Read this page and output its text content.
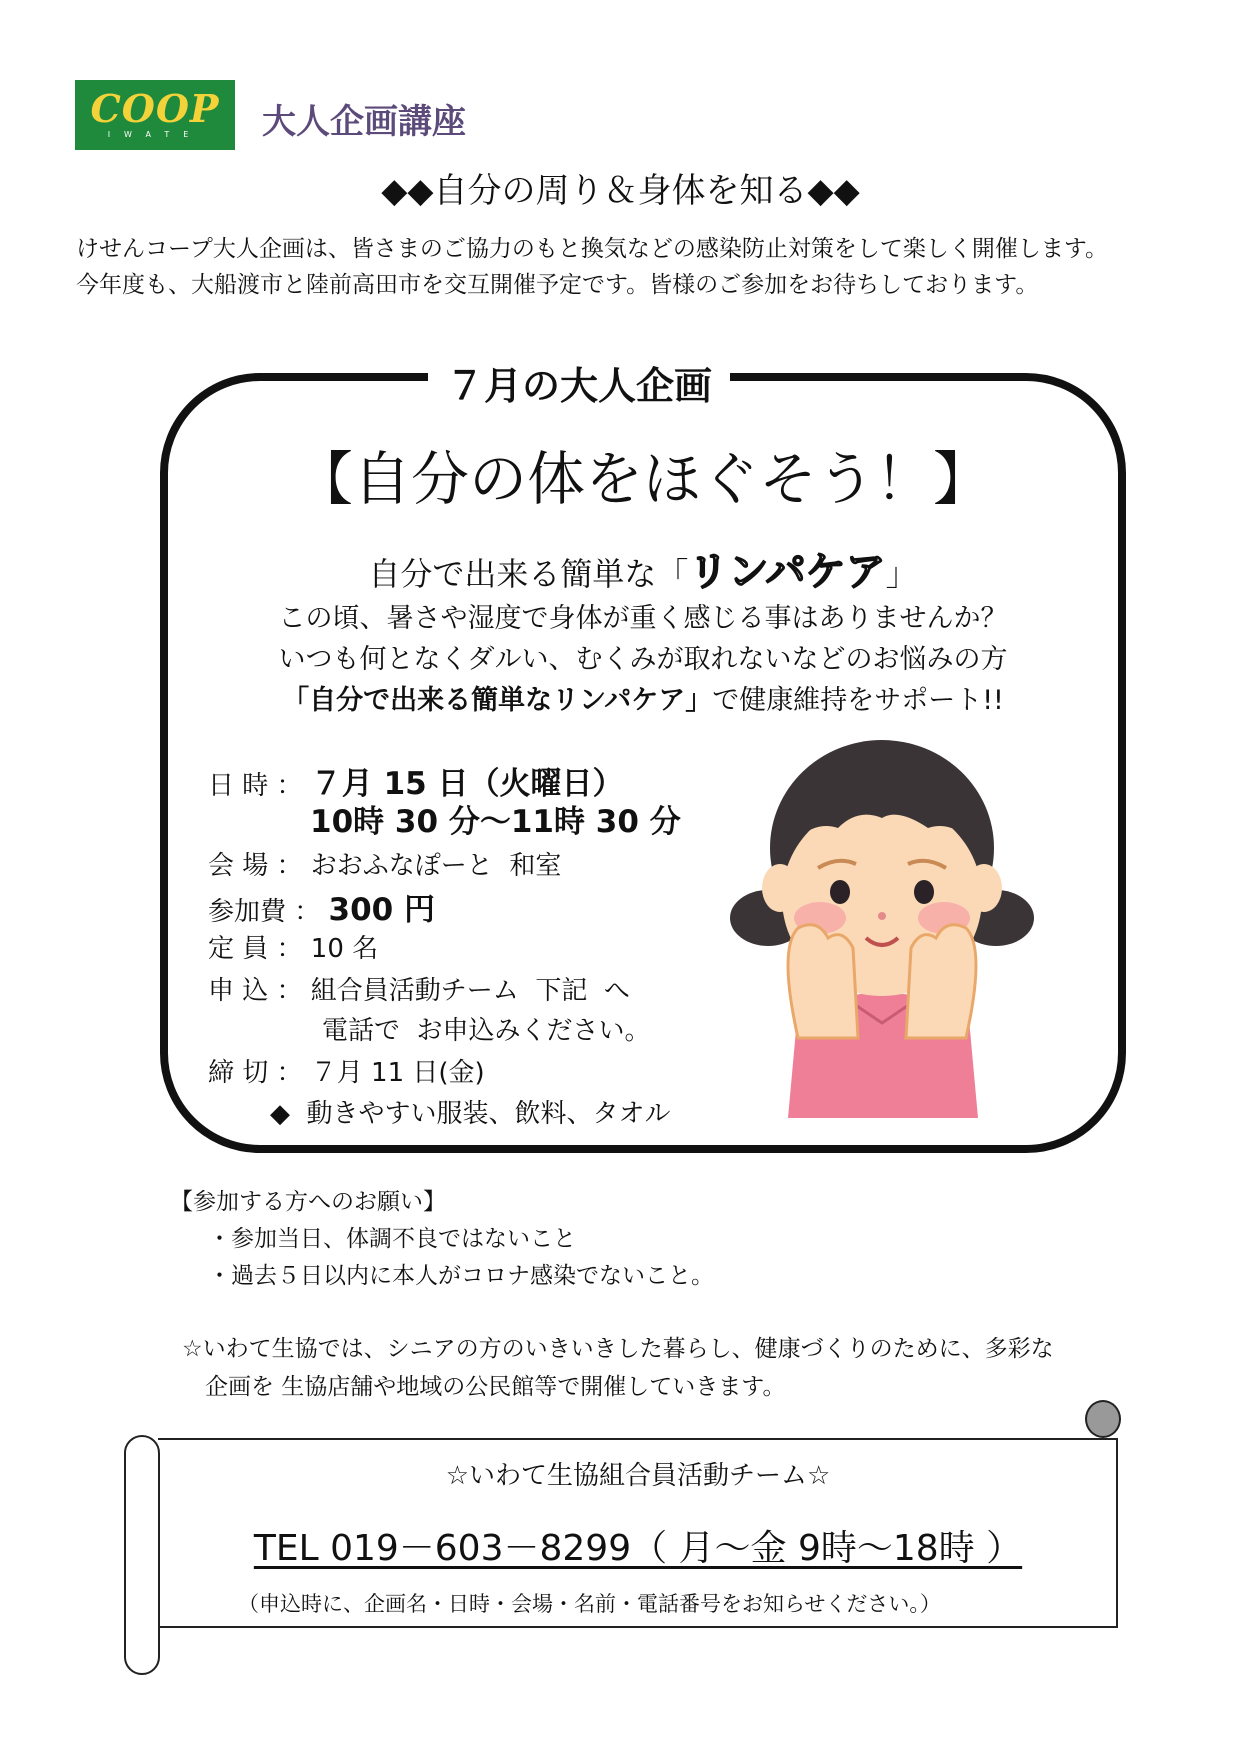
COOP
IWATE	大人企画講座
◆◆自分の周り＆身体を知る◆◆
けせんコープ大人企画は、皆さまのご協力のもと換気などの感染防止対策をして楽しく開催します。
今年度も、大船渡市と陸前高田市を交互開催予定です。皆様のご参加をお待ちしております。
７月の大人企画
【自分の体をほぐそう！】
自分で出来る簡単な「リンパケア」
この頃、暑さや湿度で身体が重く感じる事はありませんか？
いつも何となくダルい、むくみが取れないなどのお悩みの方
「自分で出来る簡単なリンパケア」で健康維持をサポート!!
日 時 ： ７月 15 日（火曜日）
10時 30 分～11時 30 分
会 場 ： おおふなぽーと  和室
参加費 ： 300 円
定 員 ： 10 名
申 込 ： 組合員活動チーム  下記  へ
電話で  お申込みください。
締 切 ： ７月 11 日(金)
◆  動きやすい服装、飲料、タオル
【参加する方へのお願い】
・参加当日、体調不良ではないこと
・過去５日以内に本人がコロナ感染でないこと。
☆いわて生協では、シニアの方のいきいきした暮らし、健康づくりのために、多彩な
企画を 生協店舗や地域の公民館等で開催していきます。
☆いわて生協組合員活動チーム☆
TEL 019－603－8299（ 月～金 9時～18時 ）
（申込時に、企画名・日時・会場・名前・電話番号をお知らせください。）
